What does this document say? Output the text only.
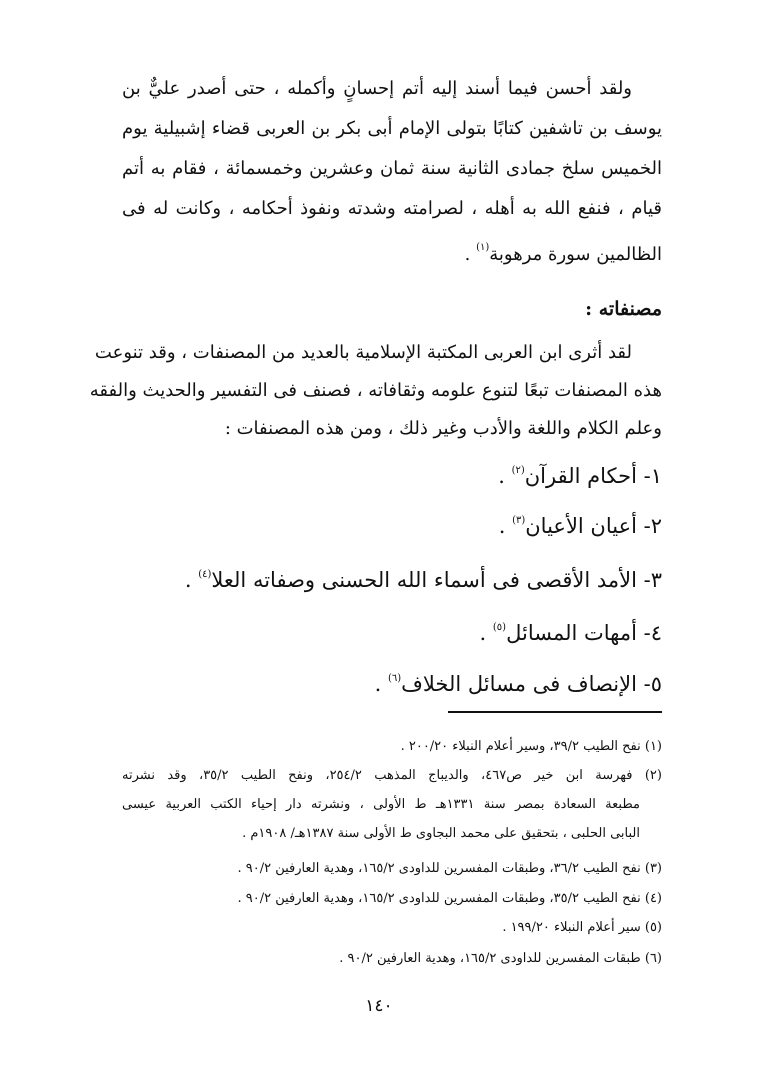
ولقد أحسن فيما أسند إليه أتم إحسانٍ وأكمله ، حتى أصدر عليٌّ بن
يوسف بن تاشفين كتابًا بتولى الإمام أبى بكر بن العربى قضاء إشبيلية يوم
الخميس سلخ جمادى الثانية سنة ثمان وعشرين وخمسمائة ، فقام به أتم
قيام ، فنفع الله به أهله ، لصرامته وشدته ونفوذ أحكامه ، وكانت له فى
الظالمين سورة مرهوبة$^{(١)}$ .
مصنفاته :
لقد أثرى ابن العربى المكتبة الإسلامية بالعديد من المصنفات ، وقد تنوعت
هذه المصنفات تبعًا لتنوع علومه وثقافاته ، فصنف فى التفسير والحديث والفقه
وعلم الكلام واللغة والأدب وغير ذلك ، ومن هذه المصنفات :
١- أحكام القرآن$^{(٢)}$ .
٢- أعيان الأعيان$^{(٣)}$ .
٣- الأمد الأقصى فى أسماء الله الحسنى وصفاته العلا$^{(٤)}$ .
٤- أمهات المسائل$^{(٥)}$ .
٥- الإنصاف فى مسائل الخلاف$^{(٦)}$ .
(١) نفح الطيب ٣٩/٢، وسير أعلام النبلاء ٢٠٠/٢٠ .
(٢) فهرسة ابن خير ص٤٦٧، والديباج المذهب ٢٥٤/٢، ونفح الطيب ٣٥/٢، وقد نشرته
مطبعة السعادة بمصر سنة ١٣٣١هـ ط الأولى ، ونشرته دار إحياء الكتب العربية عيسى
البابى الحلبى ، بتحقيق على محمد البجاوى ط الأولى سنة ١٣٨٧هـ/ ١٩٠٨م .
(٣) نفح الطيب ٣٦/٢، وطبقات المفسرين للداودى ١٦٥/٢، وهدية العارفين ٩٠/٢ .
(٤) نفح الطيب ٣٥/٢، وطبقات المفسرين للداودى ١٦٥/٢، وهدية العارفين ٩٠/٢ .
(٥) سير أعلام النبلاء ١٩٩/٢٠ .
(٦) طبقات المفسرين للداودى ١٦٥/٢، وهدية العارفين ٩٠/٢ .
١٤٠
